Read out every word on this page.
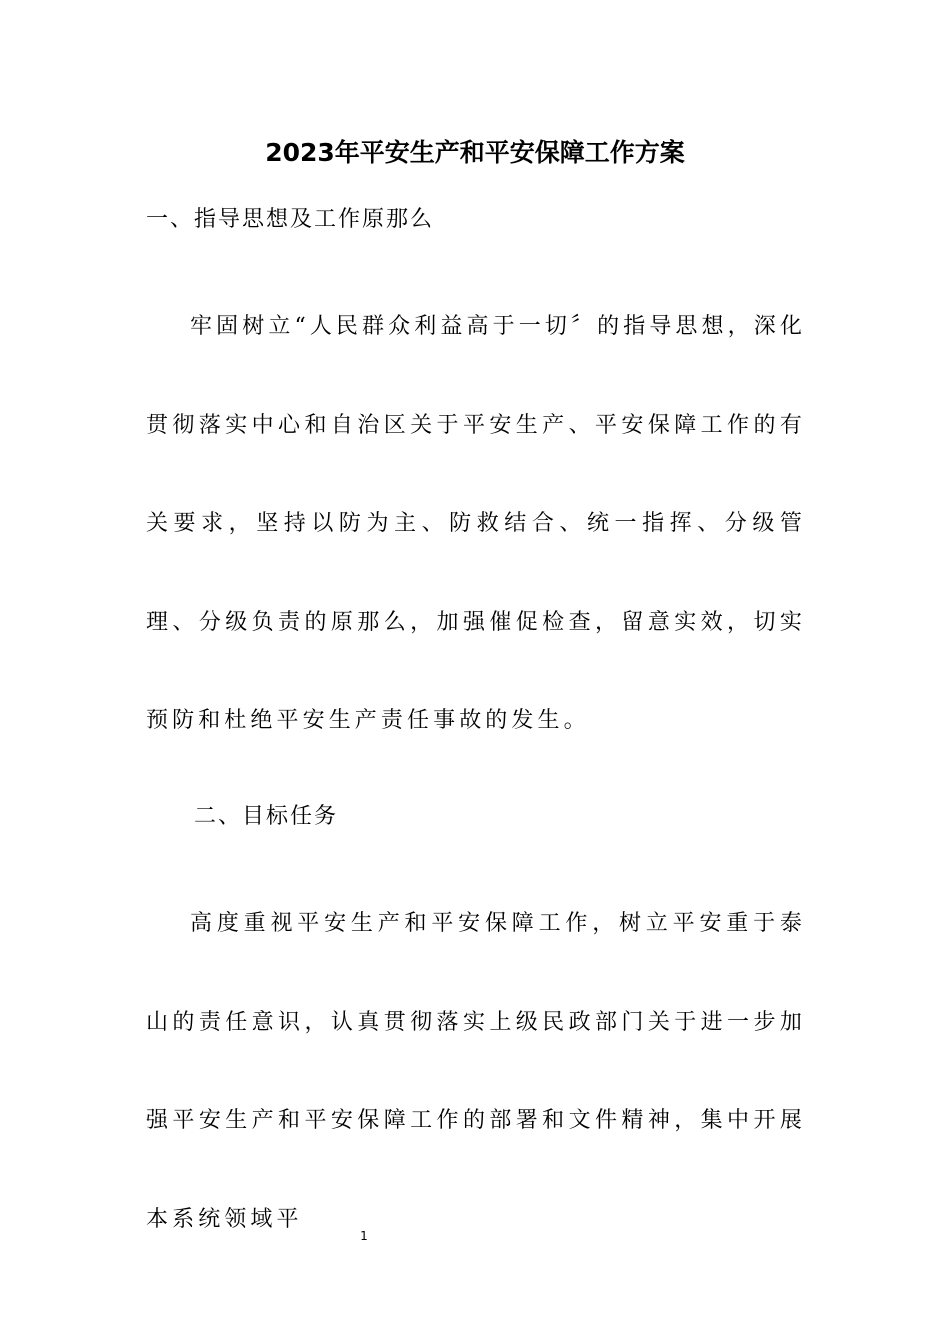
2023年平安生产和平安保障工作方案
一、指导思想及工作原那么
牢固树立“人民群众利益高于一切〞的指导思想，深化贯彻落实中心和自治区关于平安生产、平安保障工作的有关要求，坚持以防为主、防救结合、统一指挥、分级管理、分级负责的原那么，加强催促检查，留意实效，切实预防和杜绝平安生产责任事故的发生。
二、目标任务
高度重视平安生产和平安保障工作，树立平安重于泰山的责任意识，认真贯彻落实上级民政部门关于进一步加强平安生产和平安保障工作的部署和文件精神，集中开展本系统领域平
1
